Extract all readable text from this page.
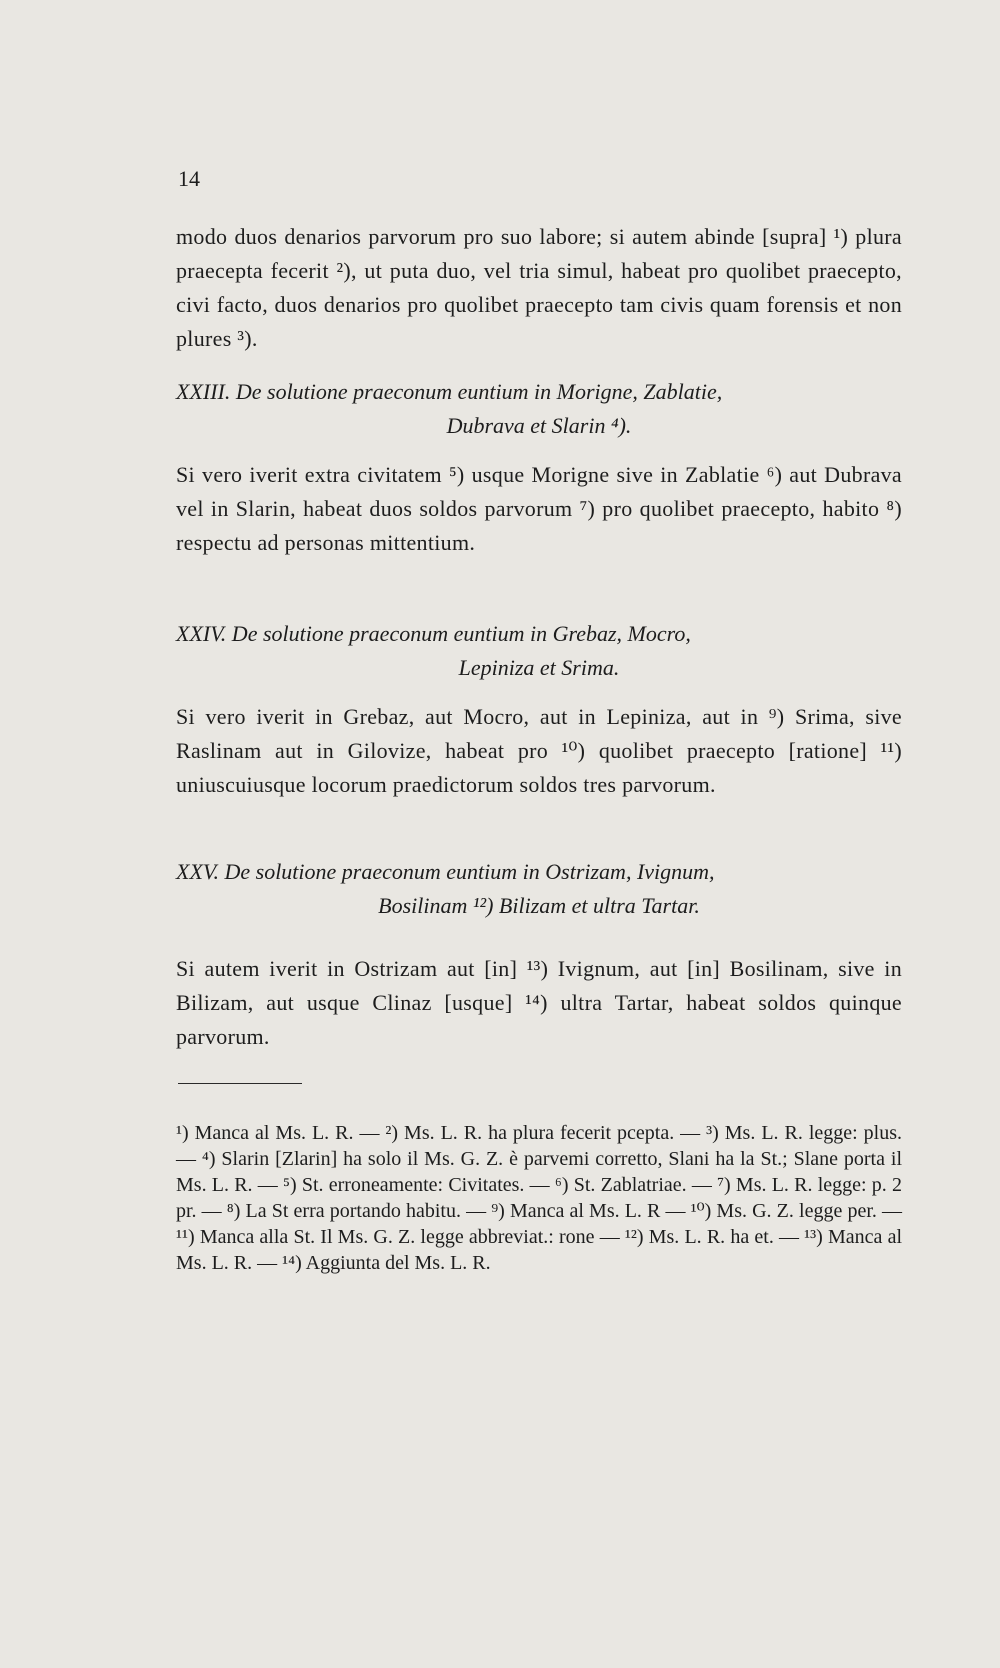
14
modo duos denarios parvorum pro suo labore; si autem abinde [supra] ¹) plura praecepta fecerit ²), ut puta duo, vel tria simul, habeat pro quolibet praecepto, civi facto, duos denarios pro quolibet praecepto tam civis quam forensis et non plures ³).
XXIII. De solutione praeconum euntium in Morigne, Zablatie,
Dubrava et Slarin ⁴).
Si vero iverit extra civitatem ⁵) usque Morigne sive in Zablatie ⁶) aut Dubrava vel in Slarin, habeat duos soldos parvorum ⁷) pro quolibet praecepto, habito ⁸) respectu ad personas mittentium.
XXIV. De solutione praeconum euntium in Grebaz, Mocro,
Lepiniza et Srima.
Si vero iverit in Grebaz, aut Mocro, aut in Lepiniza, aut in ⁹) Srima, sive Raslinam aut in Gilovize, habeat pro ¹⁰) quolibet praecepto [ratione] ¹¹) uniuscuiusque locorum praedictorum soldos tres parvorum.
XXV. De solutione praeconum euntium in Ostrizam, Ivignum,
Bosilinam ¹²) Bilizam et ultra Tartar.
Si autem iverit in Ostrizam aut [in] ¹³) Ivignum, aut [in] Bosilinam, sive in Bilizam, aut usque Clinaz [usque] ¹⁴) ultra Tartar, habeat soldos quinque parvorum.
¹) Manca al Ms. L. R. — ²) Ms. L. R. ha plura fecerit pcepta. — ³) Ms. L. R. legge: plus. — ⁴) Slarin [Zlarin] ha solo il Ms. G. Z. è parvemi corretto, Slani ha la St.; Slane porta il Ms. L. R. — ⁵) St. erroneamente: Civitates. — ⁶) St. Zablatriae. — ⁷) Ms. L. R. legge: p. 2 pr. — ⁸) La St erra portando habitu. — ⁹) Manca al Ms. L. R — ¹⁰) Ms. G. Z. legge per. — ¹¹) Manca alla St. Il Ms. G. Z. legge abbreviat.: rone — ¹²) Ms. L. R. ha et. — ¹³) Manca al Ms. L. R. — ¹⁴) Aggiunta del Ms. L. R.
